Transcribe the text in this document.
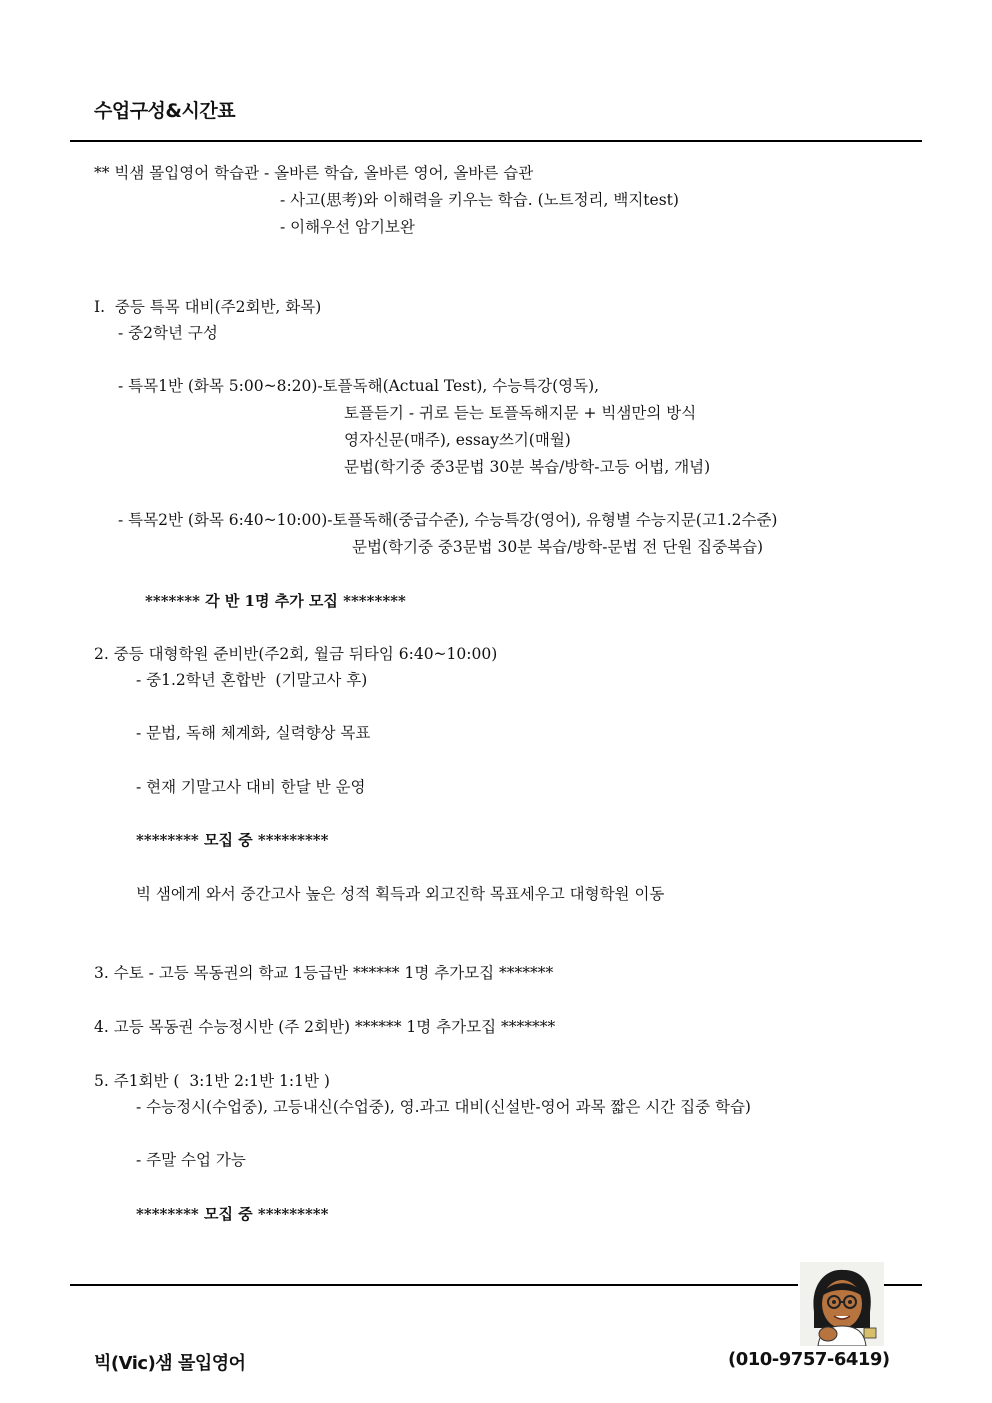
수업구성&시간표
** 빅샘 몰입영어 학습관 - 올바른 학습, 올바른 영어, 올바른 습관
- 사고(思考)와 이해력을 키우는 학습. (노트정리, 백지test)
- 이해우선 암기보완
I.  중등 특목 대비(주2회반, 화목)
- 중2학년 구성
- 특목1반 (화목 5:00~8:20)-토플독해(Actual Test), 수능특강(영독),
토플듣기 - 귀로 듣는 토플독해지문 + 빅샘만의 방식
영자신문(매주), essay쓰기(매월)
문법(학기중 중3문법 30분 복습/방학-고등 어법, 개념)
- 특목2반 (화목 6:40~10:00)-토플독해(중급수준), 수능특강(영어), 유형별 수능지문(고1.2수준)
문법(학기중 중3문법 30분 복습/방학-문법 전 단원 집중복습)
******* 각 반 1명 추가 모집 ********
2. 중등 대형학원 준비반(주2회, 월금 뒤타임 6:40~10:00)
- 중1.2학년 혼합반  (기말고사 후)
- 문법, 독해 체계화, 실력향상 목표
- 현재 기말고사 대비 한달 반 운영
******** 모집 중 *********
빅 샘에게 와서 중간고사 높은 성적 획득과 외고진학 목표세우고 대형학원 이동
3. 수토 - 고등 목동권의 학교 1등급반 ****** 1명 추가모집 *******
4. 고등 목동권 수능정시반 (주 2회반) ****** 1명 추가모집 *******
5. 주1회반 (  3:1반 2:1반 1:1반 )
- 수능정시(수업중), 고등내신(수업중), 영.과고 대비(신설반-영어 과목 짧은 시간 집중 학습)
- 주말 수업 가능
******** 모집 중 *********
빅(Vic)샘 몰입영어	(010-9757-6419)
